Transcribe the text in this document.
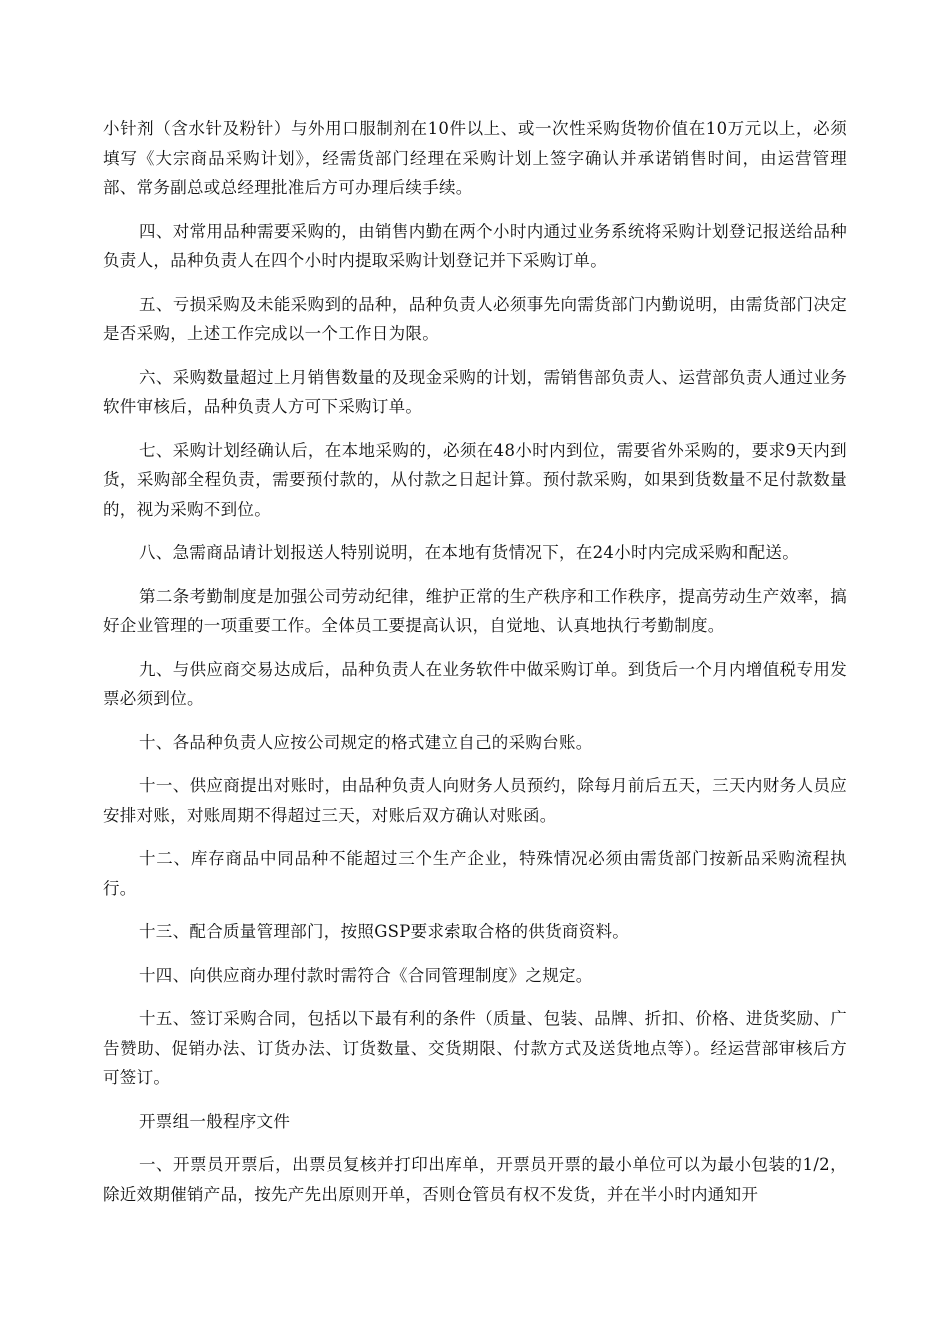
小针剂（含水针及粉针）与外用口服制剂在10件以上、或一次性采购货物价值在10万元以上，必须填写《大宗商品采购计划》，经需货部门经理在采购计划上签字确认并承诺销售时间，由运营管理部、常务副总或总经理批准后方可办理后续手续。

四、对常用品种需要采购的，由销售内勤在两个小时内通过业务系统将采购计划登记报送给品种负责人，品种负责人在四个小时内提取采购计划登记并下采购订单。

五、亏损采购及未能采购到的品种，品种负责人必须事先向需货部门内勤说明，由需货部门决定是否采购，上述工作完成以一个工作日为限。

六、采购数量超过上月销售数量的及现金采购的计划，需销售部负责人、运营部负责人通过业务软件审核后，品种负责人方可下采购订单。

七、采购计划经确认后，在本地采购的，必须在48小时内到位，需要省外采购的，要求9天内到货，采购部全程负责，需要预付款的，从付款之日起计算。预付款采购，如果到货数量不足付款数量的，视为采购不到位。

八、急需商品请计划报送人特别说明，在本地有货情况下，在24小时内完成采购和配送。

第二条考勤制度是加强公司劳动纪律，维护正常的生产秩序和工作秩序，提高劳动生产效率，搞好企业管理的一项重要工作。全体员工要提高认识，自觉地、认真地执行考勤制度。

九、与供应商交易达成后，品种负责人在业务软件中做采购订单。到货后一个月内增值税专用发票必须到位。

十、各品种负责人应按公司规定的格式建立自己的采购台账。

十一、供应商提出对账时，由品种负责人向财务人员预约，除每月前后五天，三天内财务人员应安排对账，对账周期不得超过三天，对账后双方确认对账函。

十二、库存商品中同品种不能超过三个生产企业，特殊情况必须由需货部门按新品采购流程执行。

十三、配合质量管理部门，按照GSP要求索取合格的供货商资料。

十四、向供应商办理付款时需符合《合同管理制度》之规定。

十五、签订采购合同，包括以下最有利的条件（质量、包装、品牌、折扣、价格、进货奖励、广告赞助、促销办法、订货办法、订货数量、交货期限、付款方式及送货地点等）。经运营部审核后方可签订。

开票组一般程序文件

一、开票员开票后，出票员复核并打印出库单，开票员开票的最小单位可以为最小包装的1/2，除近效期催销产品，按先产先出原则开单，否则仓管员有权不发货，并在半小时内通知开
